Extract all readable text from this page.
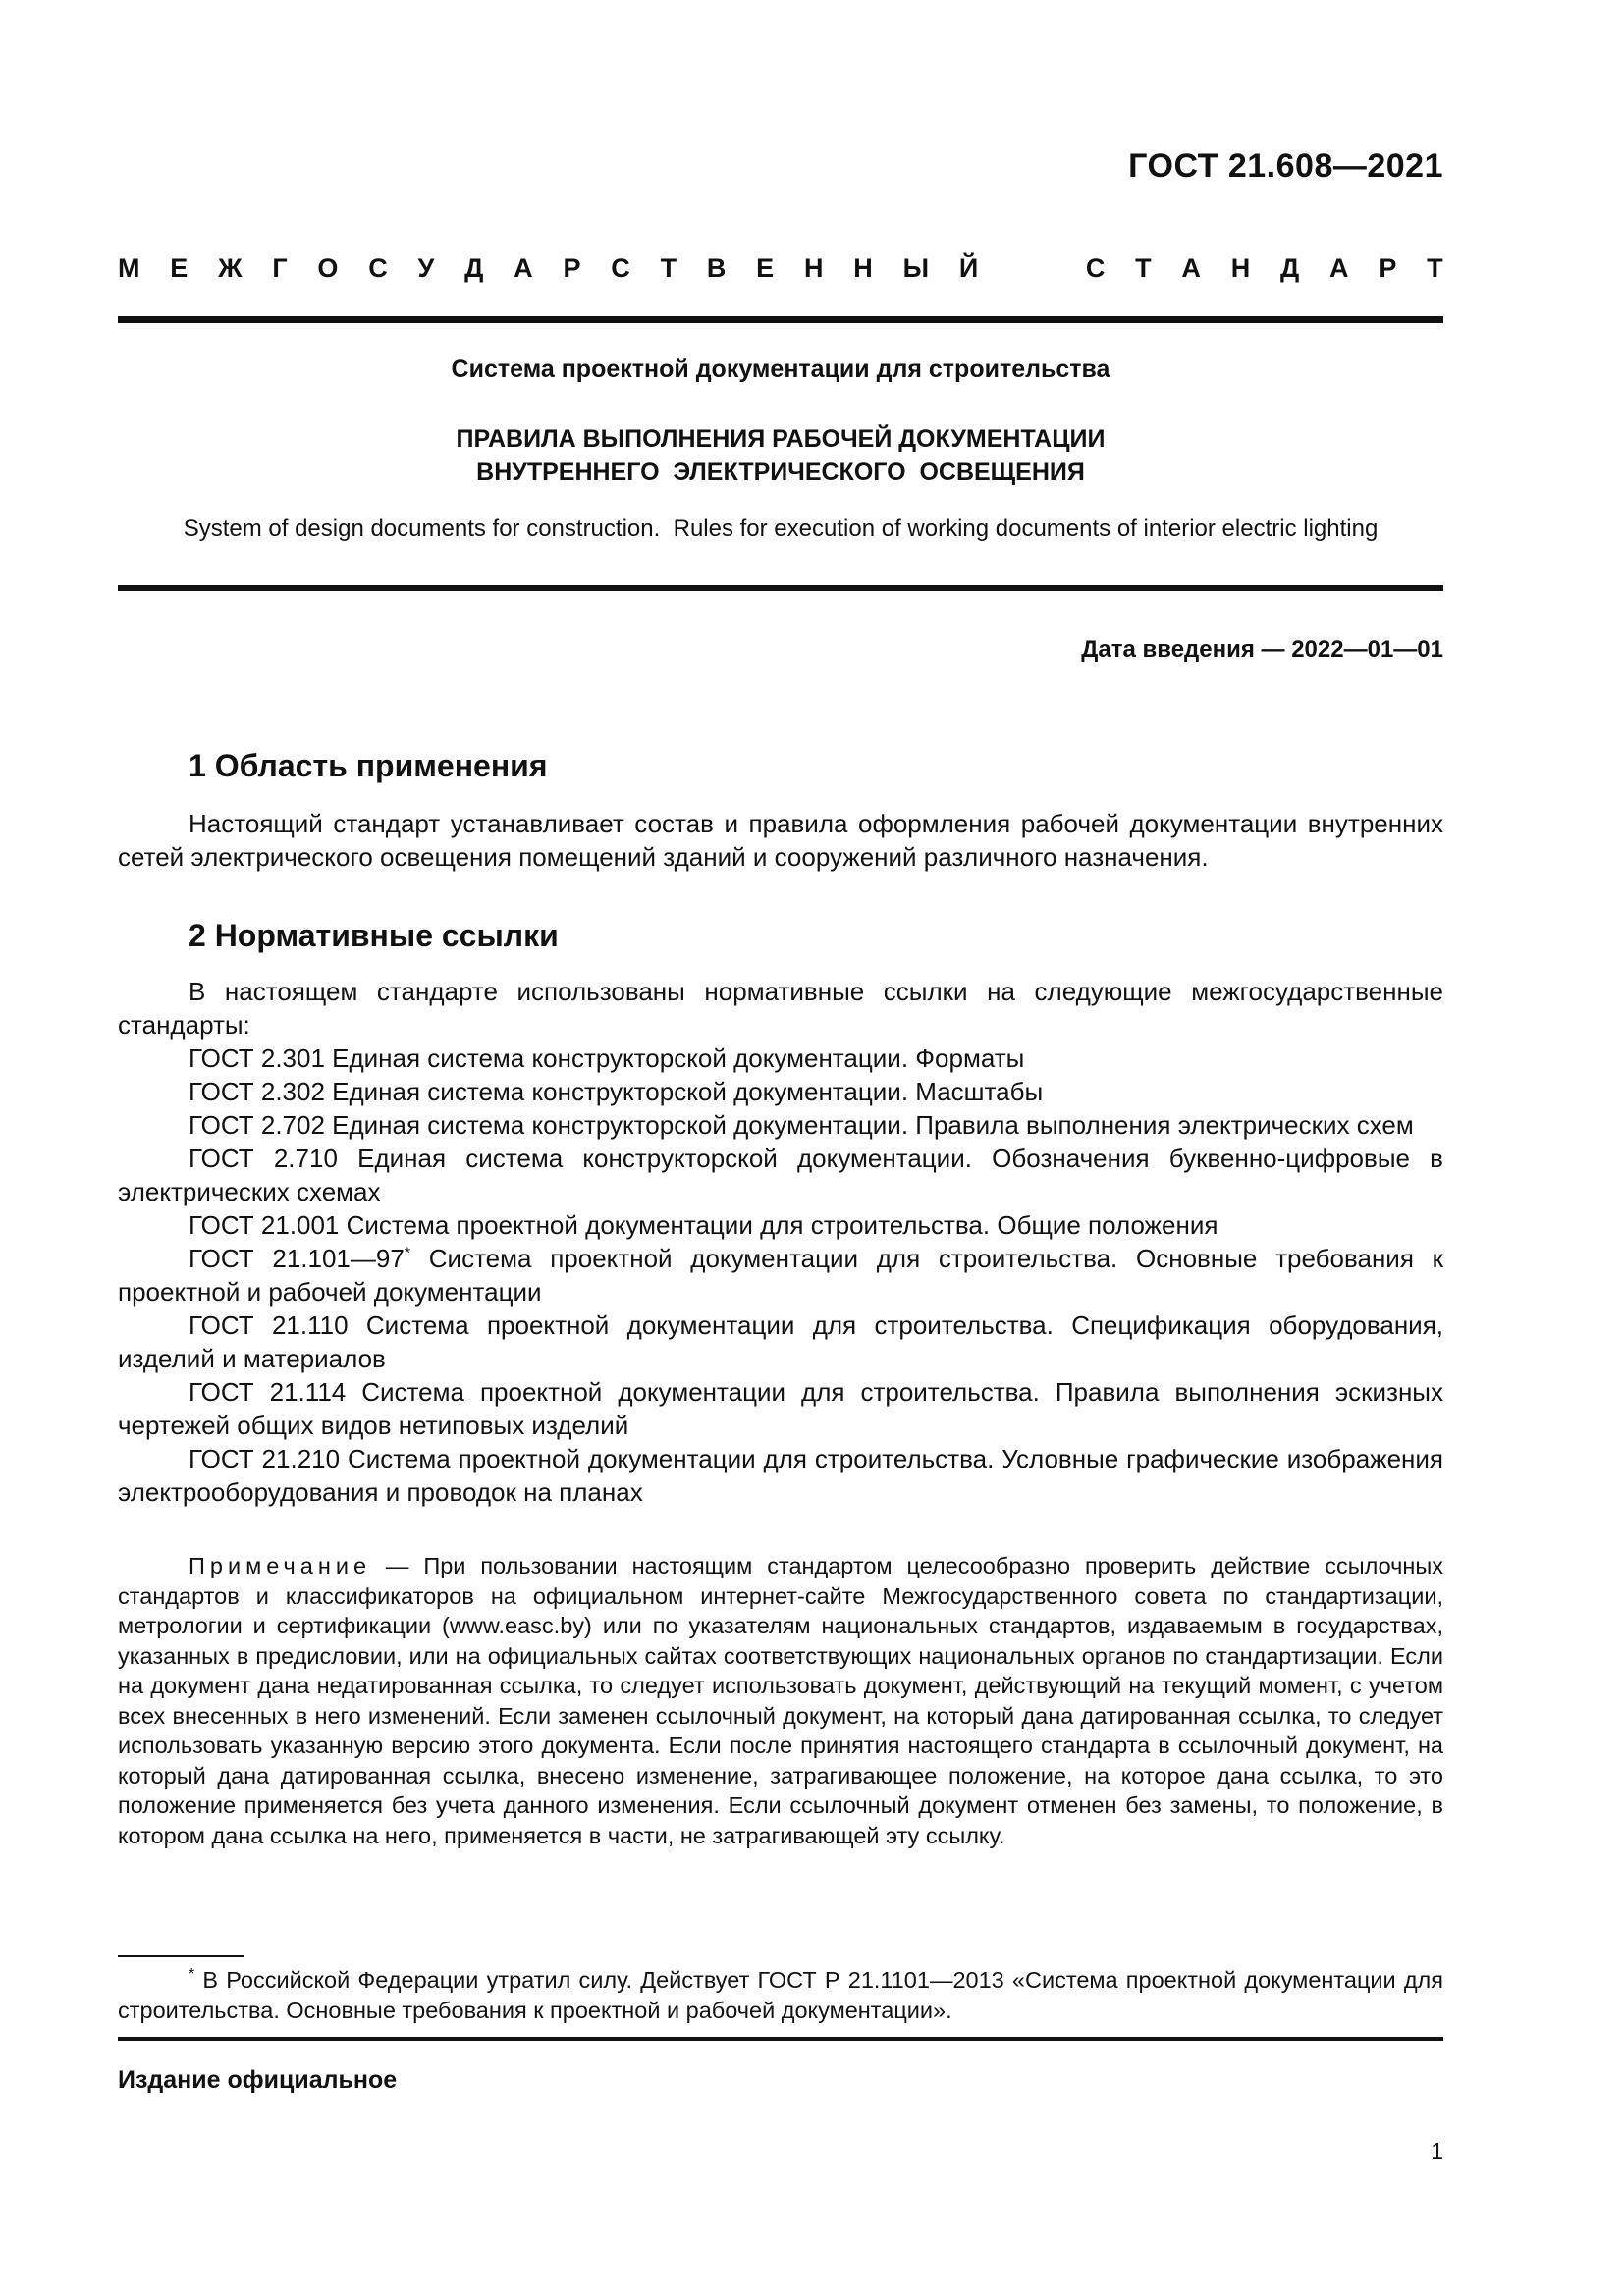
ГОСТ 21.608—2021
М Е Ж Г О С У Д А Р С Т В Е Н Н Ы Й	С Т А Н Д А Р Т
Система проектной документации для строительства
ПРАВИЛА ВЫПОЛНЕНИЯ РАБОЧЕЙ ДОКУМЕНТАЦИИ
ВНУТРЕННЕГО  ЭЛЕКТРИЧЕСКОГО  ОСВЕЩЕНИЯ
System of design documents for construction.  Rules for execution of working documents of interior electric lighting
Дата введения — 2022—01—01
1 Область применения

Настоящий стандарт устанавливает состав и правила оформления рабочей документации внутренних сетей электрического освещения помещений зданий и сооружений различного назначения.

2 Нормативные ссылки

В настоящем стандарте использованы нормативные ссылки на следующие межгосударственные стандарты:

ГОСТ 2.301 Единая система конструкторской документации. Форматы

ГОСТ 2.302 Единая система конструкторской документации. Масштабы

ГОСТ 2.702 Единая система конструкторской документации. Правила выполнения электрических схем

ГОСТ 2.710 Единая система конструкторской документации. Обозначения буквенно-цифровые в электрических схемах

ГОСТ 21.001 Система проектной документации для строительства. Общие положения

ГОСТ 21.101—97* Система проектной документации для строительства. Основные требования к проектной и рабочей документации

ГОСТ 21.110 Система проектной документации для строительства. Спецификация оборудования, изделий и материалов

ГОСТ 21.114 Система проектной документации для строительства. Правила выполнения эскизных чертежей общих видов нетиповых изделий

ГОСТ 21.210 Система проектной документации для строительства. Условные графические изображения электрооборудования и проводок на планах

Примечание — При пользовании настоящим стандартом целесообразно проверить действие ссылочных стандартов и классификаторов на официальном интернет-сайте Межгосударственного совета по стандартизации, метрологии и сертификации (www.easc.by) или по указателям национальных стандартов, издаваемым в государствах, указанных в предисловии, или на официальных сайтах соответствующих национальных органов по стандартизации. Если на документ дана недатированная ссылка, то следует использовать документ, действующий на текущий момент, с учетом всех внесенных в него изменений. Если заменен ссылочный документ, на который дана датированная ссылка, то следует использовать указанную версию этого документа. Если после принятия настоящего стандарта в ссылочный документ, на который дана датированная ссылка, внесено изменение, затрагивающее положение, на которое дана ссылка, то это положение применяется без учета данного изменения. Если ссылочный документ отменен без замены, то положение, в котором дана ссылка на него, применяется в части, не затрагивающей эту ссылку.

* В Российской Федерации утратил силу. Действует ГОСТ Р 21.1101—2013 «Система проектной документации для строительства. Основные требования к проектной и рабочей документации».

Издание официальное
1
